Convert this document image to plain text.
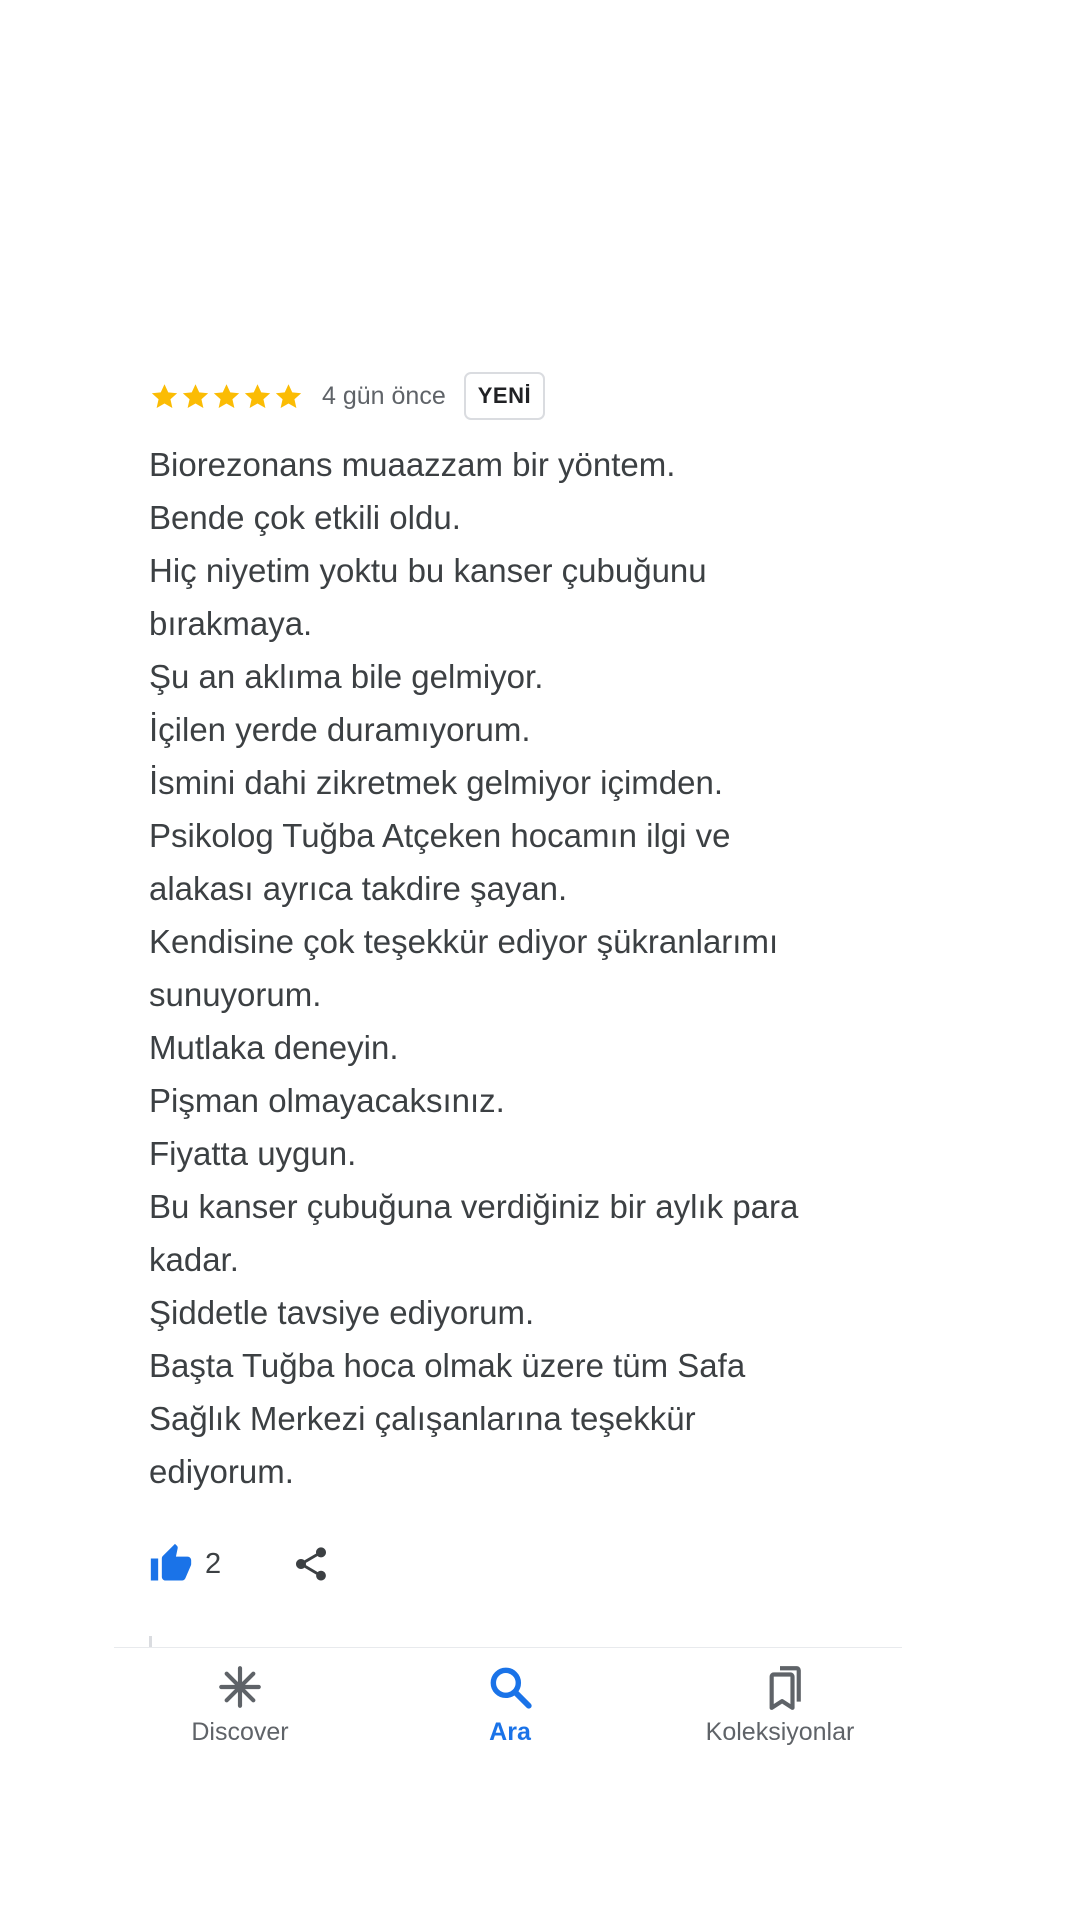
4 gün önce	YENİ
Biorezonans muaazzam bir yöntem.
Bende çok etkili oldu.
Hiç niyetim yoktu bu kanser çubuğunu
bırakmaya.
Şu an aklıma bile gelmiyor.
İçilen yerde duramıyorum.
İsmini dahi zikretmek gelmiyor içimden.
Psikolog Tuğba Atçeken hocamın ilgi ve
alakası ayrıca takdire şayan.
Kendisine çok teşekkür ediyor şükranlarımı
sunuyorum.
Mutlaka deneyin.
Pişman olmayacaksınız.
Fiyatta uygun.
Bu kanser çubuğuna verdiğiniz bir aylık para
kadar.
Şiddetle tavsiye ediyorum.
Başta Tuğba hoca olmak üzere tüm Safa
Sağlık Merkezi çalışanlarına teşekkür
ediyorum.
2
Discover	Ara	Koleksiyonlar
